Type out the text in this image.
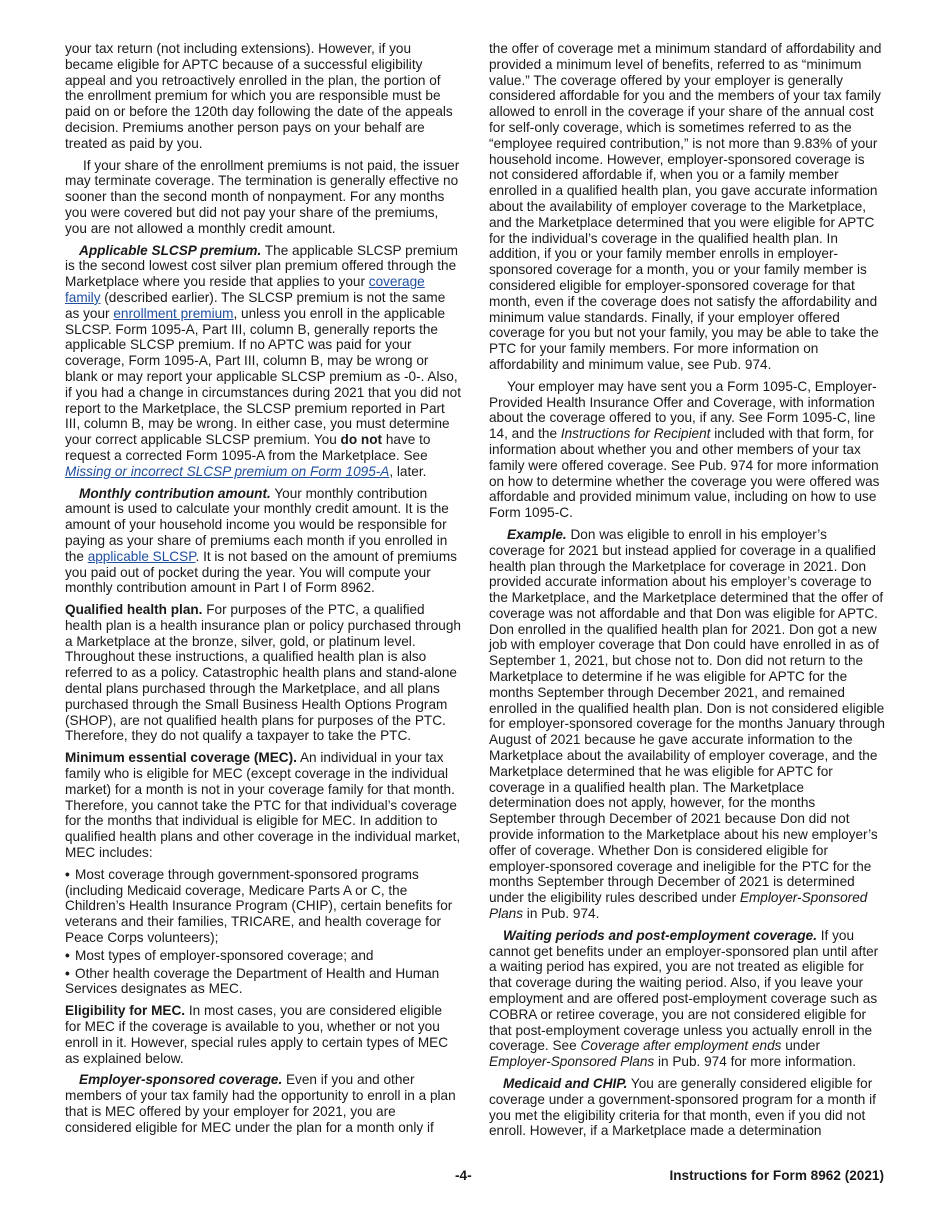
your tax return (not including extensions). However, if you became eligible for APTC because of a successful eligibility appeal and you retroactively enrolled in the plan, the portion of the enrollment premium for which you are responsible must be paid on or before the 120th day following the date of the appeals decision. Premiums another person pays on your behalf are treated as paid by you.

If your share of the enrollment premiums is not paid, the issuer may terminate coverage. The termination is generally effective no sooner than the second month of nonpayment. For any months you were covered but did not pay your share of the premiums, you are not allowed a monthly credit amount.

Applicable SLCSP premium. The applicable SLCSP premium is the second lowest cost silver plan premium offered through the Marketplace where you reside that applies to your coverage family (described earlier). The SLCSP premium is not the same as your enrollment premium, unless you enroll in the applicable SLCSP. Form 1095-A, Part III, column B, generally reports the applicable SLCSP premium. If no APTC was paid for your coverage, Form 1095-A, Part III, column B, may be wrong or blank or may report your applicable SLCSP premium as -0-. Also, if you had a change in circumstances during 2021 that you did not report to the Marketplace, the SLCSP premium reported in Part III, column B, may be wrong. In either case, you must determine your correct applicable SLCSP premium. You do not have to request a corrected Form 1095-A from the Marketplace. See Missing or incorrect SLCSP premium on Form 1095-A, later.

Monthly contribution amount. Your monthly contribution amount is used to calculate your monthly credit amount. It is the amount of your household income you would be responsible for paying as your share of premiums each month if you enrolled in the applicable SLCSP. It is not based on the amount of premiums you paid out of pocket during the year. You will compute your monthly contribution amount in Part I of Form 8962.

Qualified health plan. For purposes of the PTC, a qualified health plan is a health insurance plan or policy purchased through a Marketplace at the bronze, silver, gold, or platinum level. Throughout these instructions, a qualified health plan is also referred to as a policy. Catastrophic health plans and stand-alone dental plans purchased through the Marketplace, and all plans purchased through the Small Business Health Options Program (SHOP), are not qualified health plans for purposes of the PTC. Therefore, they do not qualify a taxpayer to take the PTC.

Minimum essential coverage (MEC). An individual in your tax family who is eligible for MEC (except coverage in the individual market) for a month is not in your coverage family for that month. Therefore, you cannot take the PTC for that individual’s coverage for the months that individual is eligible for MEC. In addition to qualified health plans and other coverage in the individual market, MEC includes:

• Most coverage through government-sponsored programs (including Medicaid coverage, Medicare Parts A or C, the Children’s Health Insurance Program (CHIP), certain benefits for veterans and their families, TRICARE, and health coverage for Peace Corps volunteers);

• Most types of employer-sponsored coverage; and

• Other health coverage the Department of Health and Human Services designates as MEC.

Eligibility for MEC. In most cases, you are considered eligible for MEC if the coverage is available to you, whether or not you enroll in it. However, special rules apply to certain types of MEC as explained below.

Employer-sponsored coverage. Even if you and other members of your tax family had the opportunity to enroll in a plan that is MEC offered by your employer for 2021, you are considered eligible for MEC under the plan for a month only if

the offer of coverage met a minimum standard of affordability and provided a minimum level of benefits, referred to as “minimum value.” The coverage offered by your employer is generally considered affordable for you and the members of your tax family allowed to enroll in the coverage if your share of the annual cost for self-only coverage, which is sometimes referred to as the “employee required contribution,” is not more than 9.83% of your household income. However, employer-sponsored coverage is not considered affordable if, when you or a family member enrolled in a qualified health plan, you gave accurate information about the availability of employer coverage to the Marketplace, and the Marketplace determined that you were eligible for APTC for the individual’s coverage in the qualified health plan. In addition, if you or your family member enrolls in employer-sponsored coverage for a month, you or your family member is considered eligible for employer-sponsored coverage for that month, even if the coverage does not satisfy the affordability and minimum value standards. Finally, if your employer offered coverage for you but not your family, you may be able to take the PTC for your family members. For more information on affordability and minimum value, see Pub. 974.

Your employer may have sent you a Form 1095-C, Employer-Provided Health Insurance Offer and Coverage, with information about the coverage offered to you, if any. See Form 1095-C, line 14, and the Instructions for Recipient included with that form, for information about whether you and other members of your tax family were offered coverage. See Pub. 974 for more information on how to determine whether the coverage you were offered was affordable and provided minimum value, including on how to use Form 1095-C.

Example. Don was eligible to enroll in his employer’s coverage for 2021 but instead applied for coverage in a qualified health plan through the Marketplace for coverage in 2021. Don provided accurate information about his employer’s coverage to the Marketplace, and the Marketplace determined that the offer of coverage was not affordable and that Don was eligible for APTC. Don enrolled in the qualified health plan for 2021. Don got a new job with employer coverage that Don could have enrolled in as of September 1, 2021, but chose not to. Don did not return to the Marketplace to determine if he was eligible for APTC for the months September through December 2021, and remained enrolled in the qualified health plan. Don is not considered eligible for employer-sponsored coverage for the months January through August of 2021 because he gave accurate information to the Marketplace about the availability of employer coverage, and the Marketplace determined that he was eligible for APTC for coverage in a qualified health plan. The Marketplace determination does not apply, however, for the months September through December of 2021 because Don did not provide information to the Marketplace about his new employer’s offer of coverage. Whether Don is considered eligible for employer-sponsored coverage and ineligible for the PTC for the months September through December of 2021 is determined under the eligibility rules described under Employer-Sponsored Plans in Pub. 974.

Waiting periods and post-employment coverage. If you cannot get benefits under an employer-sponsored plan until after a waiting period has expired, you are not treated as eligible for that coverage during the waiting period. Also, if you leave your employment and are offered post-employment coverage such as COBRA or retiree coverage, you are not considered eligible for that post-employment coverage unless you actually enroll in the coverage. See Coverage after employment ends under Employer-Sponsored Plans in Pub. 974 for more information.

Medicaid and CHIP. You are generally considered eligible for coverage under a government-sponsored program for a month if you met the eligibility criteria for that month, even if you did not enroll. However, if a Marketplace made a determination

-4-	Instructions for Form 8962 (2021)
